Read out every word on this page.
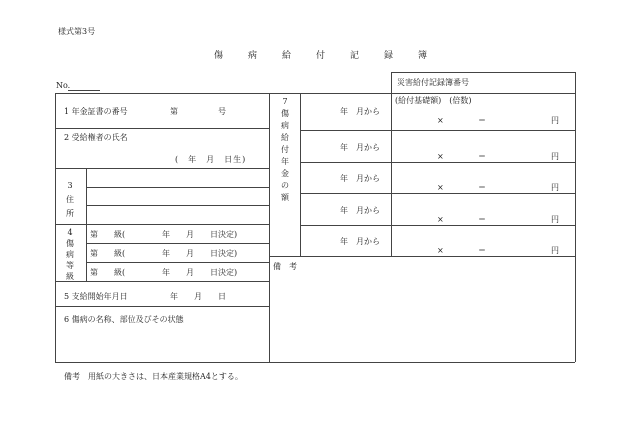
様式第3号
傷	病	給	付	記	録	簿
No.	災害給付記録簿番号
1 年金証書の番号	第	号
2 受給権者の氏名
(　年　月　日生)
3
住
所
4
傷
病
等
級
第　　級(	年　　月　　日決定)
第　　級(	年　　月　　日決定)
第　　級(	年　　月　　日決定)
5 支給開始年月日	年　　月　　日
6 傷病の名称、部位及びその状態
7
傷
病
給
付
年
金
の
額
(給付基礎額)　(倍数)
年　月から
×	＝	円
年　月から
×	＝	円
年　月から
×	＝	円
年　月から
×	＝	円
年　月から
×	＝	円
備　考
備考　用紙の大きさは、日本産業規格A4とする。
